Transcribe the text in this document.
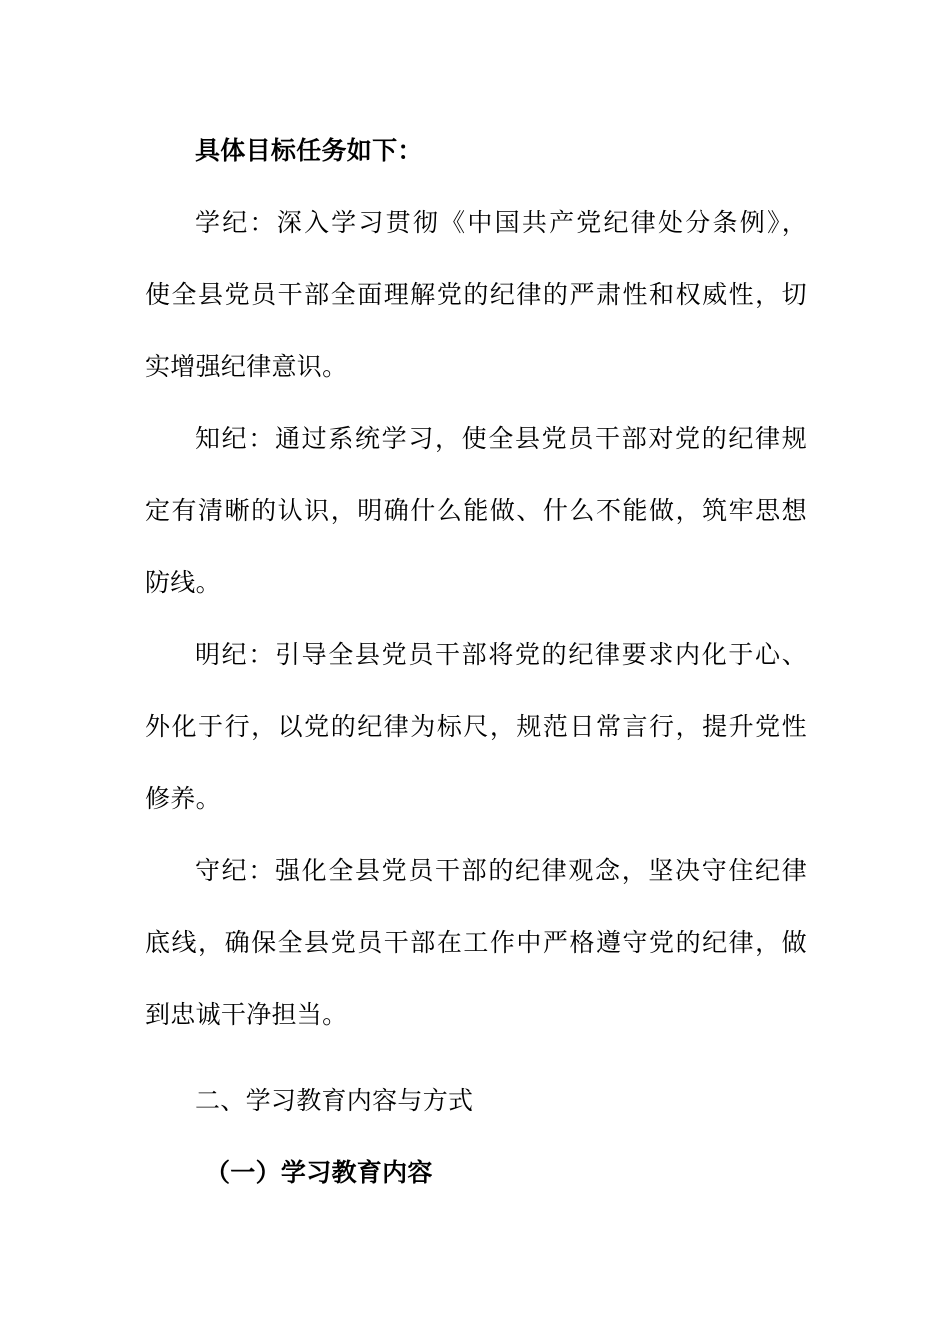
具体目标任务如下：
学纪：深入学习贯彻《中国共产党纪律处分条例》，
使全县党员干部全面理解党的纪律的严肃性和权威性，切
实增强纪律意识。
知纪：通过系统学习，使全县党员干部对党的纪律规
定有清晰的认识，明确什么能做、什么不能做，筑牢思想
防线。
明纪：引导全县党员干部将党的纪律要求内化于心、
外化于行，以党的纪律为标尺，规范日常言行，提升党性
修养。
守纪：强化全县党员干部的纪律观念，坚决守住纪律
底线，确保全县党员干部在工作中严格遵守党的纪律，做
到忠诚干净担当。
二、学习教育内容与方式
（一）学习教育内容
